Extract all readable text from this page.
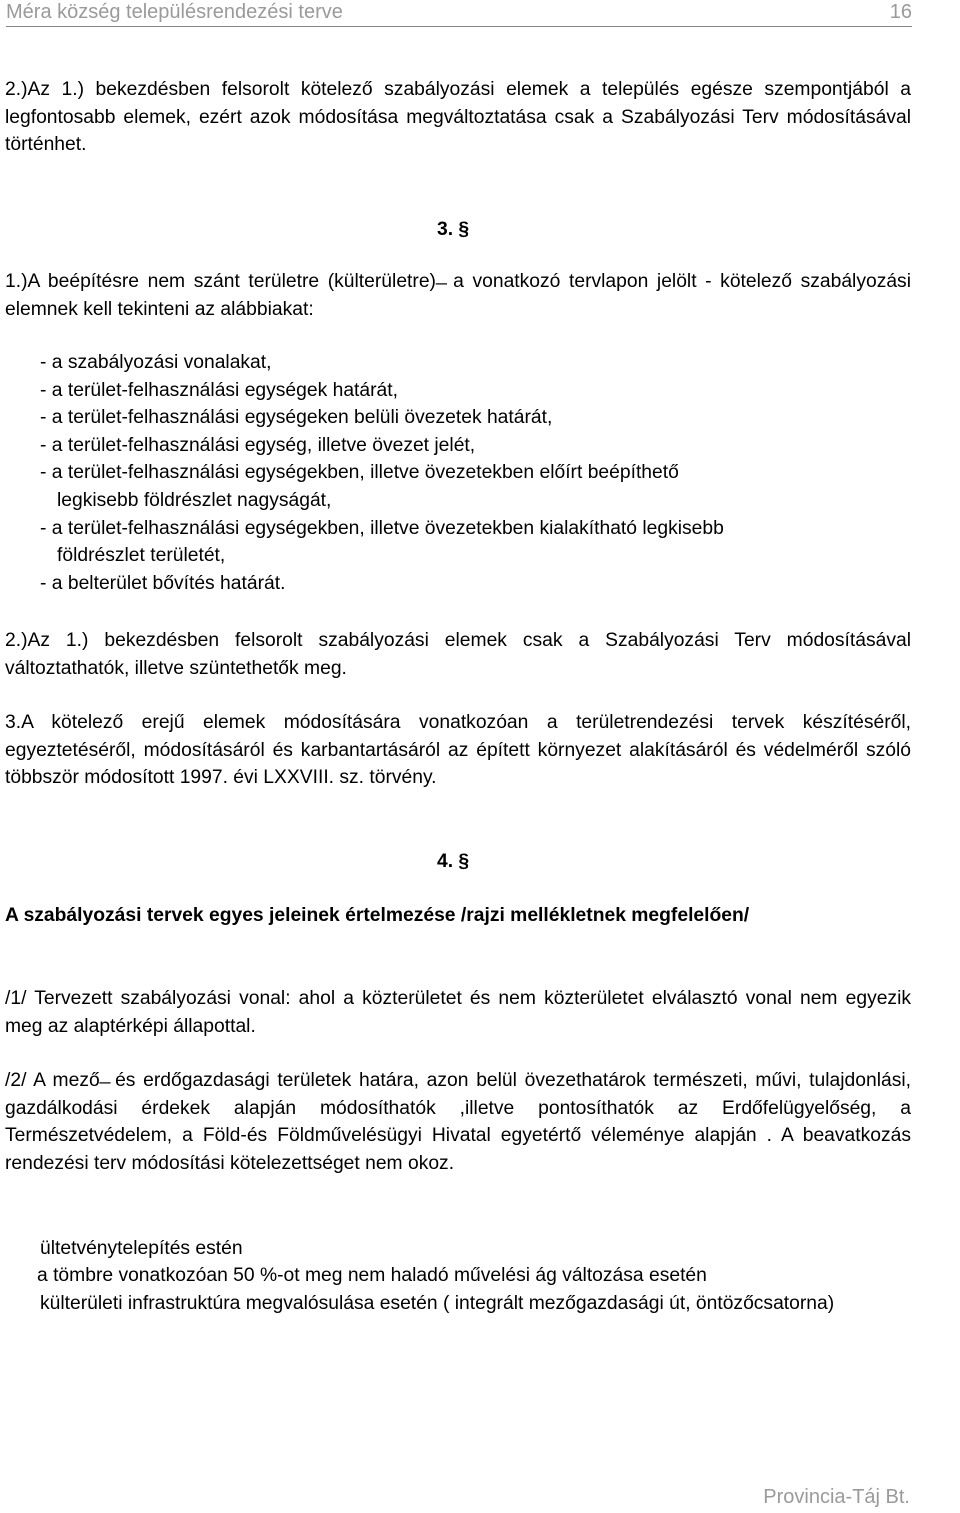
Méra község településrendezési terve	16
2.)Az 1.) bekezdésben felsorolt kötelező szabályozási elemek a település egésze szempontjából a legfontosabb elemek, ezért azok módosítása megváltoztatása csak a Szabályozási Terv módosításával történhet.
3. §
1.)A beépítésre nem szánt területre (külterületre) ̶ a vonatkozó tervlapon jelölt - kötelező szabályozási elemnek kell tekinteni az alábbiakat:
- a szabályozási vonalakat,
- a terület-felhasználási egységek határát,
- a terület-felhasználási egységeken belüli övezetek határát,
- a terület-felhasználási egység, illetve övezet jelét,
- a terület-felhasználási egységekben, illetve övezetekben előírt beépíthető
legkisebb földrészlet nagyságát,
- a terület-felhasználási egységekben, illetve övezetekben kialakítható legkisebb
földrészlet területét,
- a belterület bővítés határát.
2.)Az 1.) bekezdésben felsorolt szabályozási elemek csak a Szabályozási Terv módosításával változtathatók, illetve szüntethetők meg.
3.A kötelező erejű elemek módosítására vonatkozóan a területrendezési tervek készítéséről, egyeztetéséről, módosításáról és karbantartásáról az épített környezet alakításáról és védelméről szóló többször módosított 1997. évi LXXVIII. sz. törvény.
4. §
A szabályozási tervek egyes jeleinek értelmezése /rajzi mellékletnek megfelelően/
/1/ Tervezett szabályozási vonal: ahol a közterületet és nem közterületet elválasztó vonal nem egyezik meg az alaptérképi állapottal.
/2/ A mező ̶ és erdőgazdasági területek határa, azon belül övezethatárok természeti, művi, tulajdonlási, gazdálkodási érdekek alapján módosíthatók ,illetve pontosíthatók az Erdőfelügyelőség, a Természetvédelem, a Föld-és Földművelésügyi Hivatal egyetértő véleménye alapján . A beavatkozás rendezési terv módosítási kötelezettséget nem okoz.
ültetvénytelepítés estén
a tömbre vonatkozóan 50 %-ot meg nem haladó művelési ág változása esetén
külterületi infrastruktúra megvalósulása esetén ( integrált mezőgazdasági út, öntözőcsatorna)
Provincia-Táj Bt.
